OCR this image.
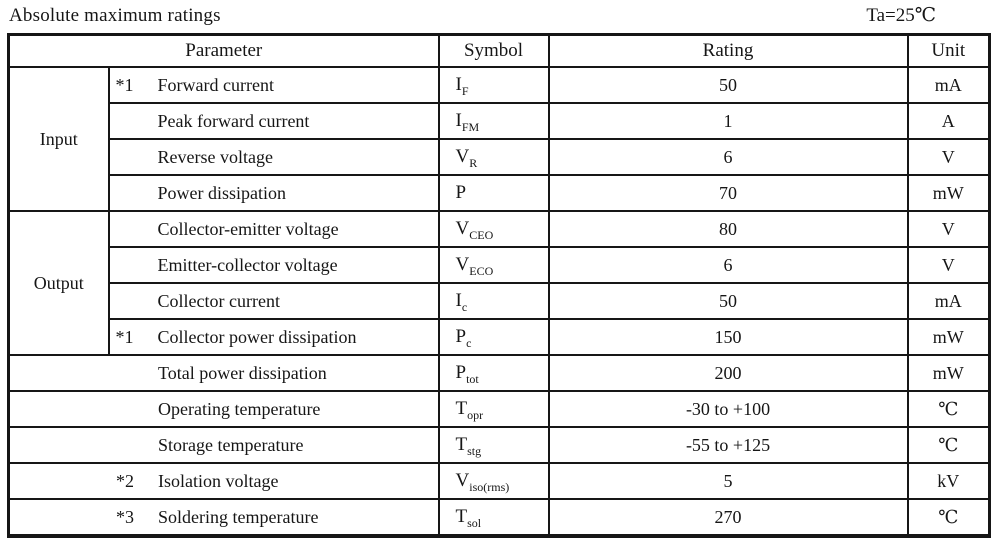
Absolute maximum ratings	Ta=25℃
Parameter		Symbol	Rating	Unit
Input	*1 Forward current	$I_F$	50	mA

	Peak forward current	$I_{FM}$	1	A

	Reverse voltage	$V_R$	6	V

	Power dissipation	P	70	mW
Output	Collector-emitter voltage	$V_{CEO}$	80	V

	Emitter-collector voltage	$V_{ECO}$	6	V

	Collector current	$I_c$	50	mA

	*1 Collector power dissipation	$P_c$	150	mW

Total power dissipation		$P_{tot}$	200	mW

Operating temperature		$T_{opr}$	-30 to +100	℃

Storage temperature		$T_{stg}$	-55 to +125	℃

*2 Isolation voltage		$V_{iso(rms)}$	5	kV

*3 Soldering temperature		$T_{sol}$	270	℃
